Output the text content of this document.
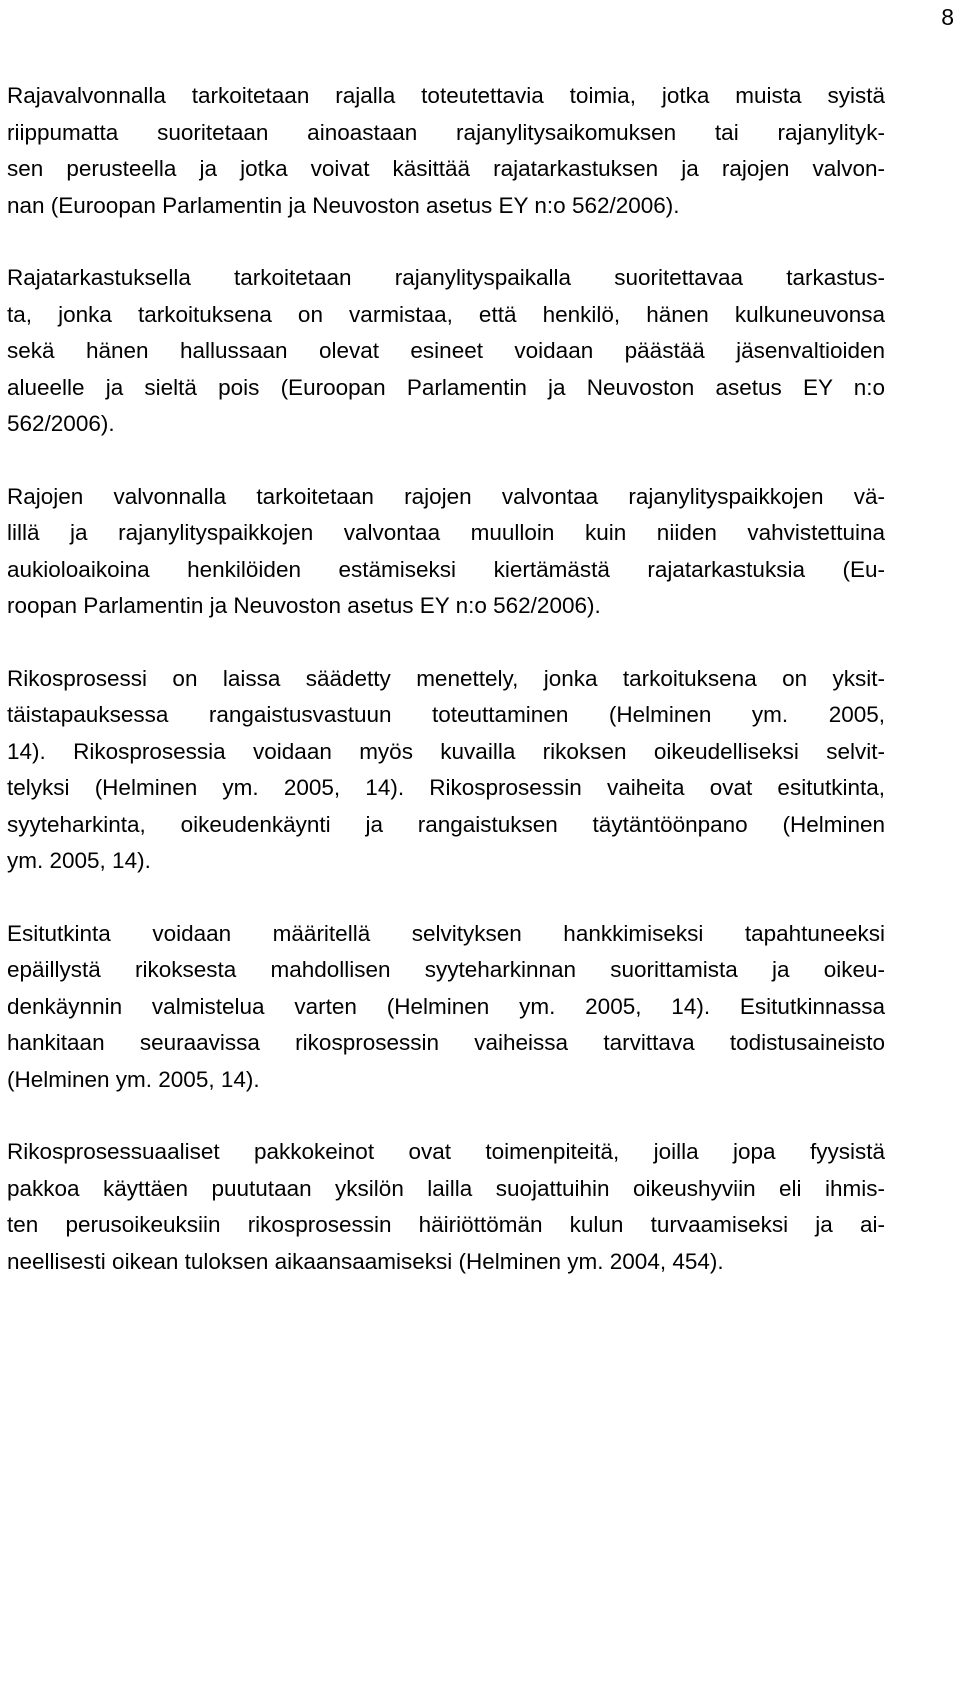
8

Rajavalvonnalla tarkoitetaan rajalla toteutettavia toimia, jotka muista syistä
riippumatta suoritetaan ainoastaan rajanylitysaikomuksen tai rajanylityk-
sen perusteella ja jotka voivat käsittää rajatarkastuksen ja rajojen valvon-
nan (Euroopan Parlamentin ja Neuvoston asetus EY n:o 562/2006).

Rajatarkastuksella tarkoitetaan rajanylityspaikalla suoritettavaa tarkastus-
ta, jonka tarkoituksena on varmistaa, että henkilö, hänen kulkuneuvonsa
sekä hänen hallussaan olevat esineet voidaan päästää jäsenvaltioiden
alueelle ja sieltä pois (Euroopan Parlamentin ja Neuvoston asetus EY n:o
562/2006).

Rajojen valvonnalla tarkoitetaan rajojen valvontaa rajanylityspaikkojen vä-
lillä ja rajanylityspaikkojen valvontaa muulloin kuin niiden vahvistettuina
aukioloaikoina henkilöiden estämiseksi kiertämästä rajatarkastuksia (Eu-
roopan Parlamentin ja Neuvoston asetus EY n:o 562/2006).

Rikosprosessi on laissa säädetty menettely, jonka tarkoituksena on yksit-
täistapauksessa rangaistusvastuun toteuttaminen (Helminen ym. 2005,
14). Rikosprosessia voidaan myös kuvailla rikoksen oikeudelliseksi selvit-
telyksi (Helminen ym. 2005, 14). Rikosprosessin vaiheita ovat esitutkinta,
syyteharkinta, oikeudenkäynti ja rangaistuksen täytäntöönpano (Helminen
ym. 2005, 14).

Esitutkinta voidaan määritellä selvityksen hankkimiseksi tapahtuneeksi
epäillystä rikoksesta mahdollisen syyteharkinnan suorittamista ja oikeu-
denkäynnin valmistelua varten (Helminen ym. 2005, 14). Esitutkinnassa
hankitaan seuraavissa rikosprosessin vaiheissa tarvittava todistusaineisto
(Helminen ym. 2005, 14).

Rikosprosessuaaliset pakkokeinot ovat toimenpiteitä, joilla jopa fyysistä
pakkoa käyttäen puututaan yksilön lailla suojattuihin oikeushyviin eli ihmis-
ten perusoikeuksiin rikosprosessin häiriöttömän kulun turvaamiseksi ja ai-
neellisesti oikean tuloksen aikaansaamiseksi (Helminen ym. 2004, 454).
